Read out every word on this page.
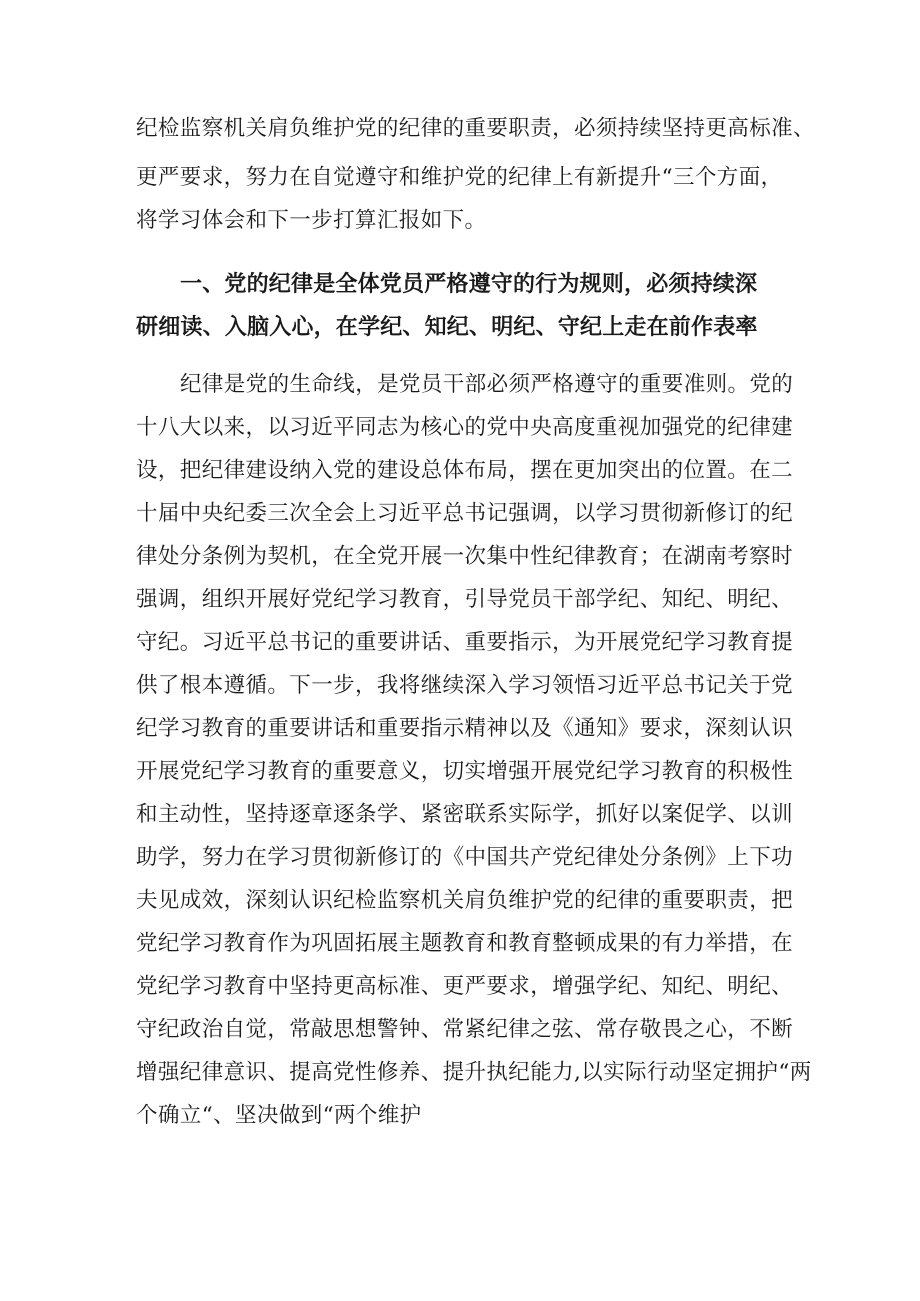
纪检监察机关肩负维护党的纪律的重要职责，必须持续坚持更高标准、
更严要求，努力在自觉遵守和维护党的纪律上有新提升“三个方面，
将学习体会和下一步打算汇报如下。
一、党的纪律是全体党员严格遵守的行为规则，必须持续深
研细读、入脑入心，在学纪、知纪、明纪、守纪上走在前作表率
纪律是党的生命线，是党员干部必须严格遵守的重要准则。党的
十八大以来，以习近平同志为核心的党中央高度重视加强党的纪律建
设，把纪律建设纳入党的建设总体布局，摆在更加突出的位置。在二
十届中央纪委三次全会上习近平总书记强调，以学习贯彻新修订的纪
律处分条例为契机，在全党开展一次集中性纪律教育；在湖南考察时
强调，组织开展好党纪学习教育，引导党员干部学纪、知纪、明纪、
守纪。习近平总书记的重要讲话、重要指示，为开展党纪学习教育提
供了根本遵循。下一步，我将继续深入学习领悟习近平总书记关于党
纪学习教育的重要讲话和重要指示精神以及《通知》要求，深刻认识
开展党纪学习教育的重要意义，切实增强开展党纪学习教育的积极性
和主动性，坚持逐章逐条学、紧密联系实际学，抓好以案促学、以训
助学，努力在学习贯彻新修订的《中国共产党纪律处分条例》上下功
夫见成效，深刻认识纪检监察机关肩负维护党的纪律的重要职责，把
党纪学习教育作为巩固拓展主题教育和教育整顿成果的有力举措，在
党纪学习教育中坚持更高标准、更严要求，增强学纪、知纪、明纪、
守纪政治自觉，常敲思想警钟、常紧纪律之弦、常存敬畏之心，不断
增强纪律意识、提高党性修养、提升执纪能力,以实际行动坚定拥护“两
个确立“、坚决做到“两个维护
